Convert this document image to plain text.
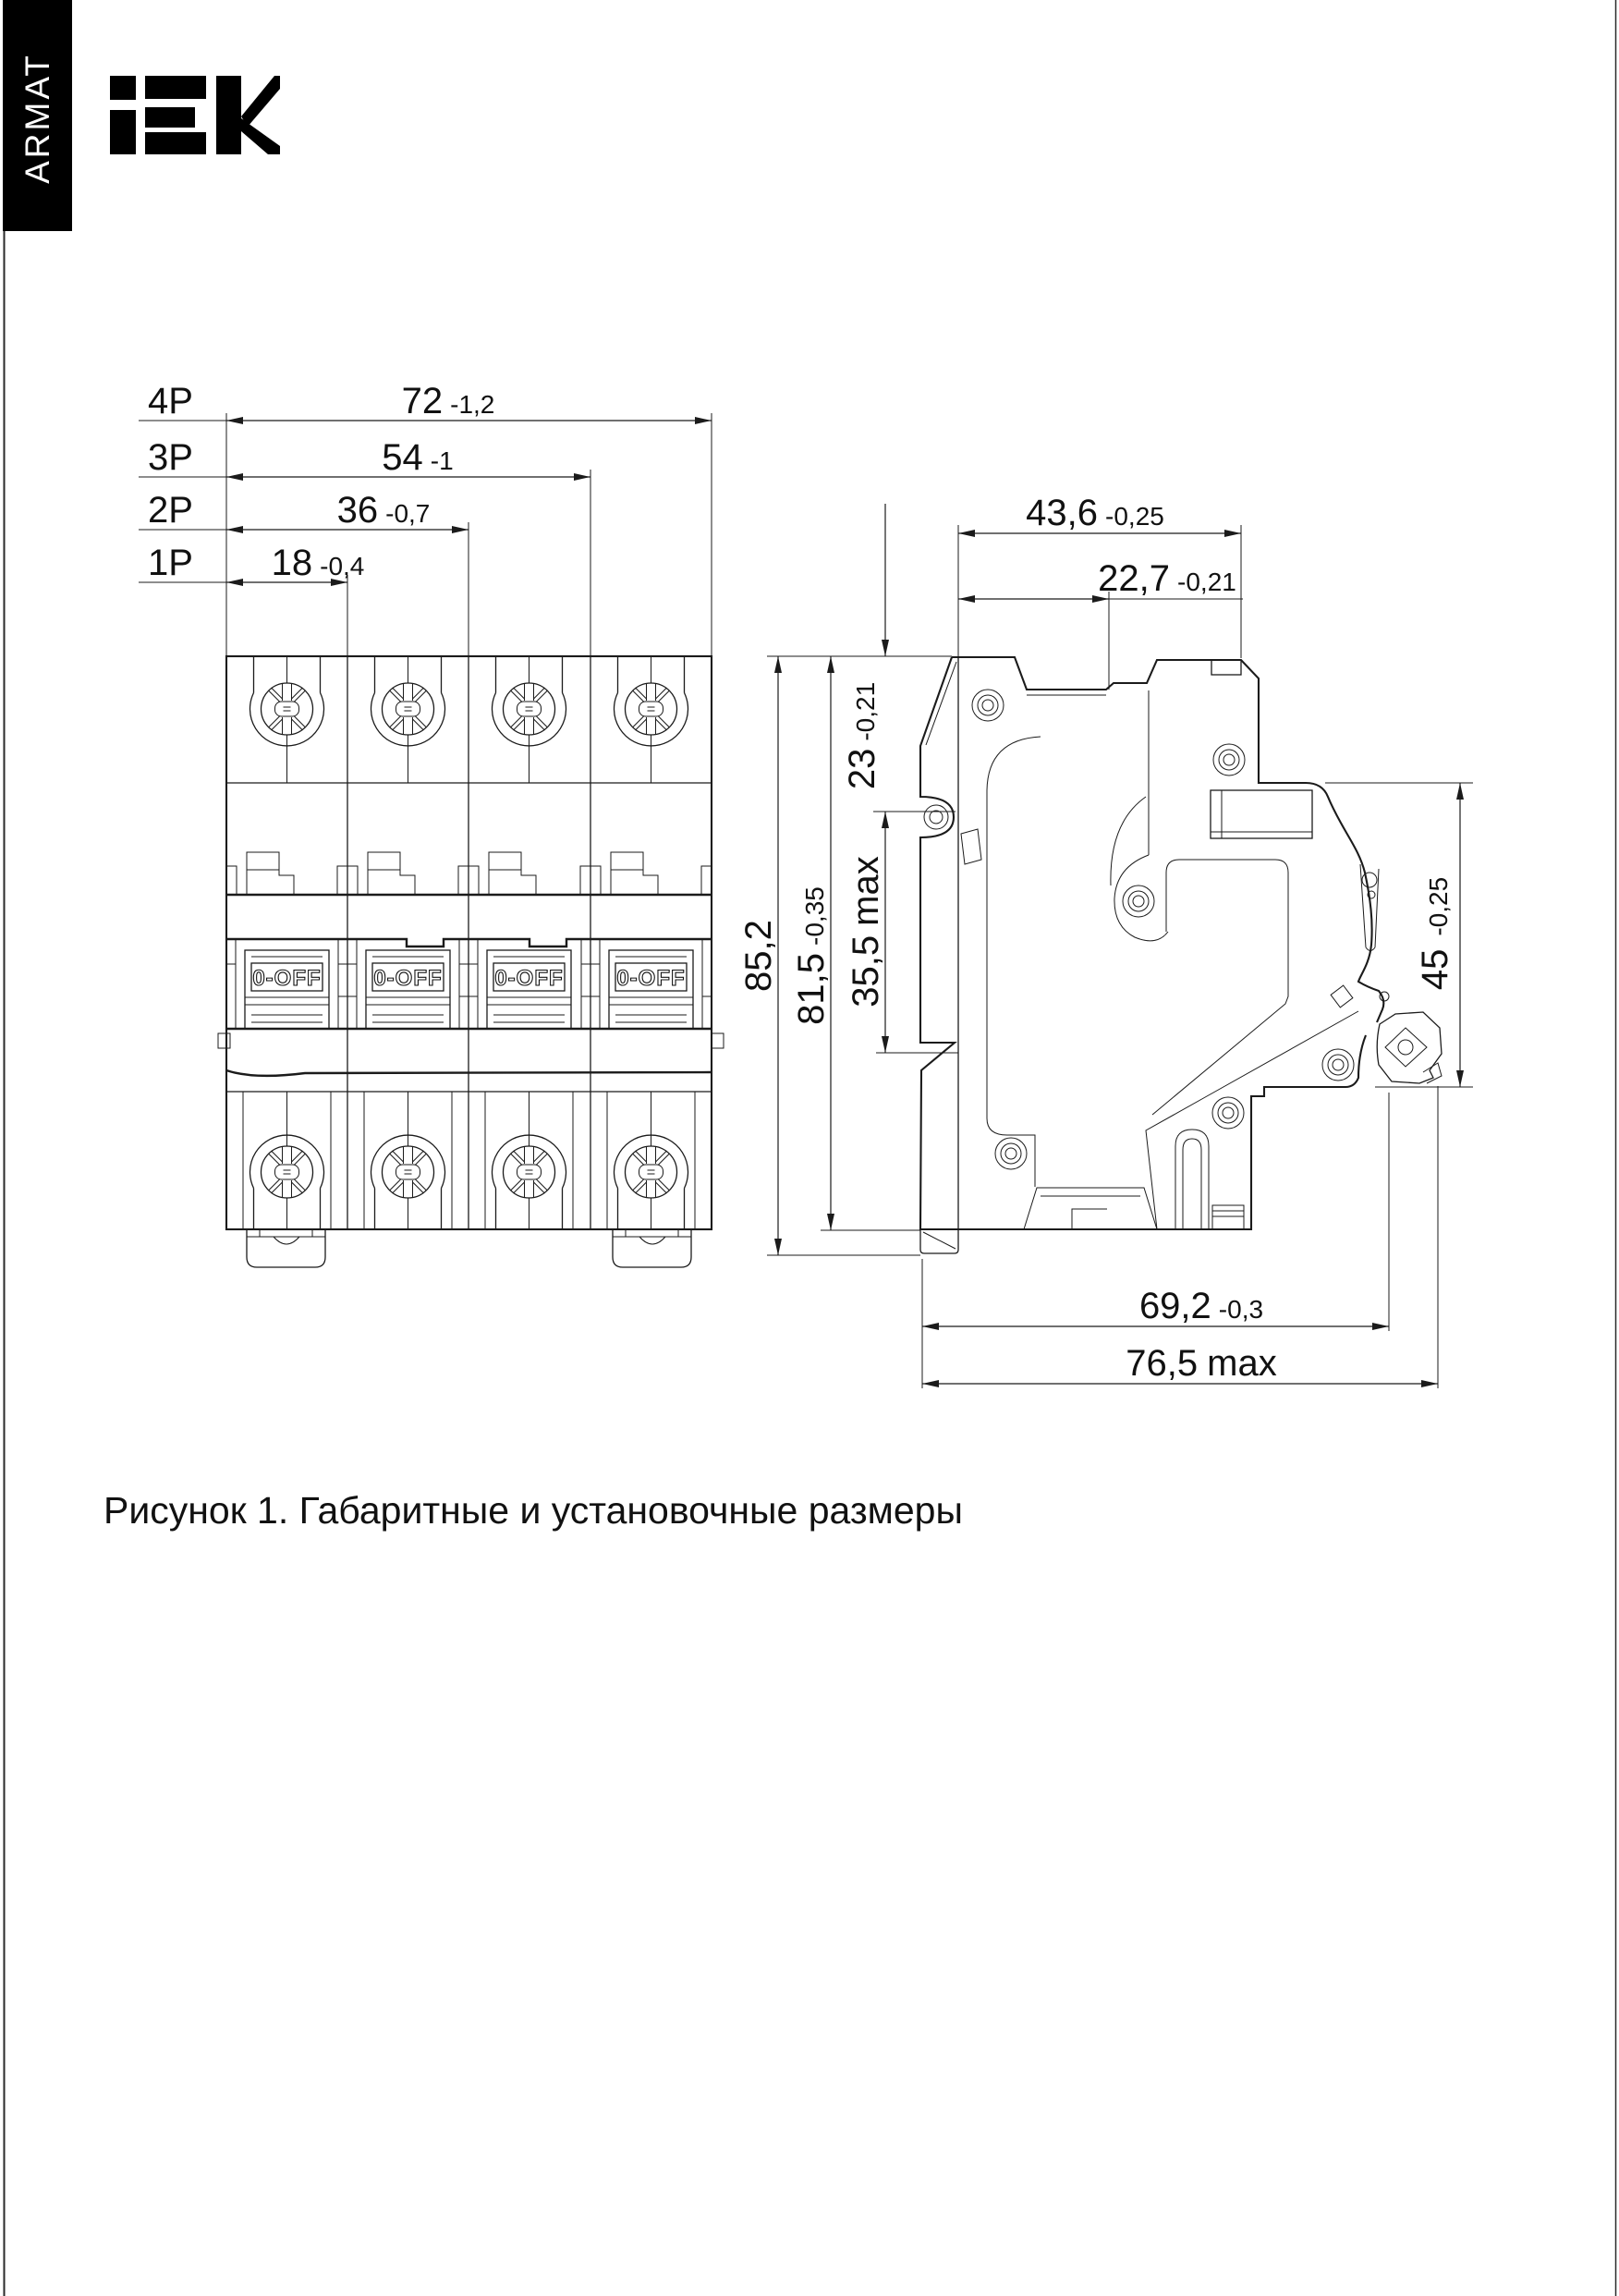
ARMAT
4P	72 -1,2
3P	54 -1
2P	36 -0,7
1P 18 -0,4
0-OFF 0-OFF 0-OFF 0-OFF
43,6 -0,25
22,7 -0,21
85,2 81,5-0,35
23-0,21
35,5max
45-0,25
69,2 -0,3
76,5 max
Рисунок 1. Габаритные и установочные размеры
